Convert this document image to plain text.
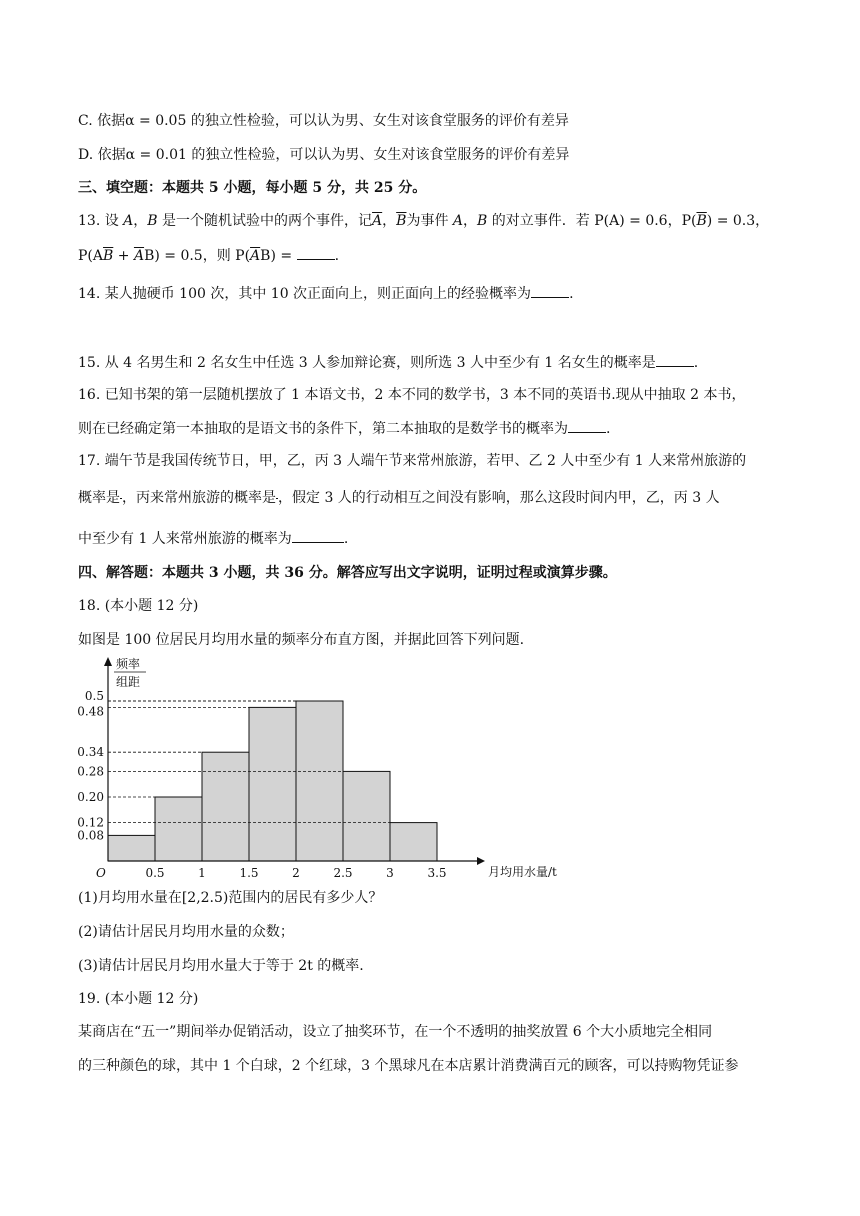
C. 依据α = 0.05 的独立性检验，可以认为男、女生对该食堂服务的评价有差异
D. 依据α = 0.01 的独立性检验，可以认为男、女生对该食堂服务的评价有差异
三、填空题：本题共 5 小题，每小题 5 分，共 25 分。
13. 设 A，B 是一个随机试验中的两个事件，记$\overline{A}$，$\overline{B}$为事件 A，B 的对立事件．若 P(A) = 0.6，$P(\overline{B}) = 0.3$，
$P(A\overline{B} + \overline{A}B) = 0.5$，则 $P(\overline{A}B)$ =	.
14. 某人抛硬币 100 次，其中 10 次正面向上，则正面向上的经验概率为	.
15. 从 4 名男生和 2 名女生中任选 3 人参加辩论赛，则所选 3 人中至少有 1 名女生的概率是	.
16. 已知书架的第一层随机摆放了 1 本语文书，2 本不同的数学书，3 本不同的英语书.现从中抽取 2 本书，
则在已经确定第一本抽取的是语文书的条件下，第二本抽取的是数学书的概率为	.
17. 端午节是我国传统节日，甲，乙，丙 3 人端午节来常州旅游，若甲、乙 2 人中至少有 1 人来常州旅游的
概率是 ，丙来常州旅游的概率是 ，假定 3 人的行动相互之间没有影响，那么这段时间内甲，乙，丙 3 人
中至少有 1 人来常州旅游的概率为	.
四、解答题：本题共 3 小题，共 36 分。解答应写出文字说明，证明过程或演算步骤。
18. (本小题 12 分)
如图是 100 位居民月均用水量的频率分布直方图，并据此回答下列问题.
频率
组距
O	月均用水量/t
0.5	1	1.5	2	2.5	3	3.5
0.08
0.12
0.20
0.28
0.34
0.48
0.5
(1)月均用水量在[2,2.5)范围内的居民有多少人？
(2)请估计居民月均用水量的众数；
(3)请估计居民月均用水量大于等于 2t 的概率.
19. (本小题 12 分)
某商店在“五一”期间举办促销活动，设立了抽奖环节，在一个不透明的抽奖放置 6 个大小质地完全相同
的三种颜色的球，其中 1 个白球，2 个红球，3 个黑球凡在本店累计消费满百元的顾客，可以持购物凭证参
